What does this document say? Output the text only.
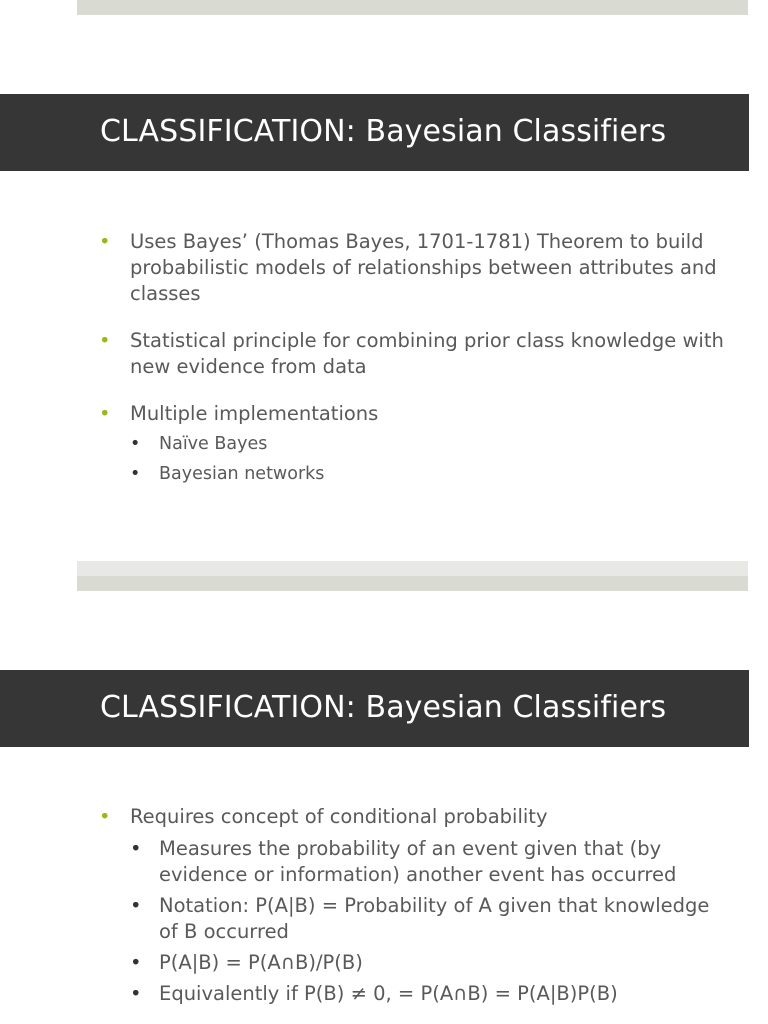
CLASSIFICATION: Bayesian Classifiers
• Uses Bayes’ (Thomas Bayes, 1701-1781) Theorem to build probabilistic models of relationships between attributes and classes
• Statistical principle for combining prior class knowledge with new evidence from data
• Multiple implementations
• Naïve Bayes
• Bayesian networks
CLASSIFICATION: Bayesian Classifiers
• Requires concept of conditional probability
• Measures the probability of an event given that (by evidence or information) another event has occurred
• Notation: P(A|B) = Probability of A given that knowledge of B occurred
• P(A|B) = P(A∩B)/P(B)
• Equivalently if P(B) ≠ 0, = P(A∩B) = P(A|B)P(B)
